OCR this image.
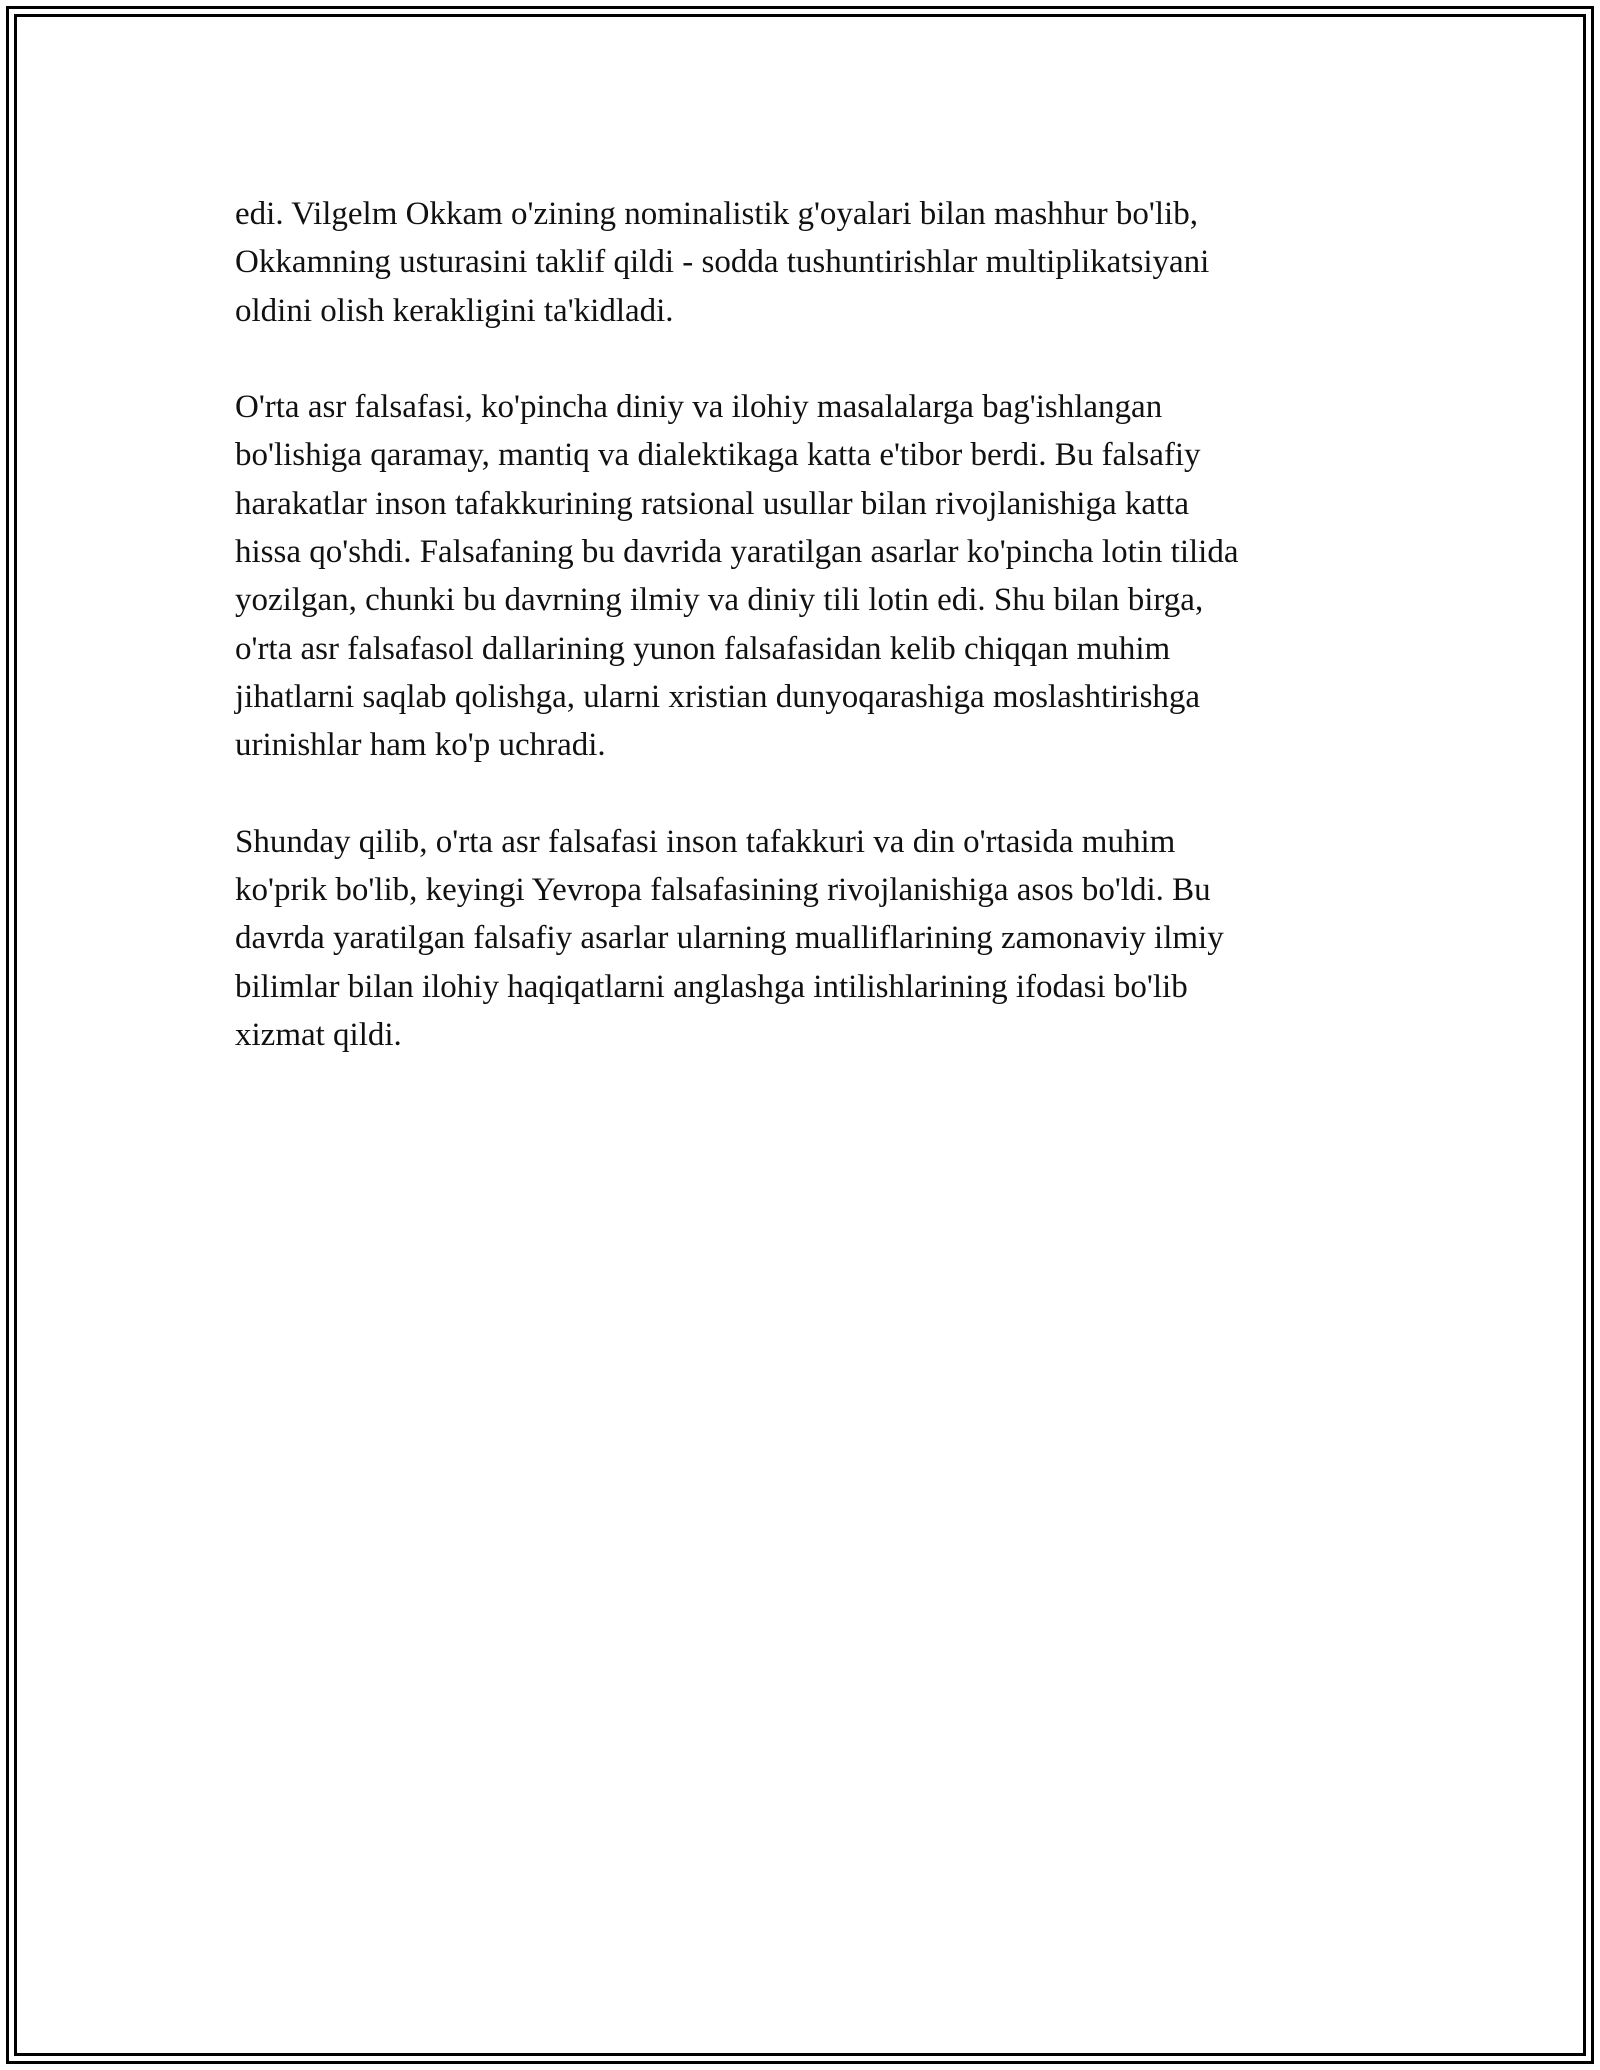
edi. Vilgelm Okkam o'zining nominalistik g'oyalari bilan mashhur bo'lib,
Okkamning usturasini taklif qildi - sodda tushuntirishlar multiplikatsiyani
oldini olish kerakligini ta'kidladi.

O'rta asr falsafasi, ko'pincha diniy va ilohiy masalalarga bag'ishlangan
bo'lishiga qaramay, mantiq va dialektikaga katta e'tibor berdi. Bu falsafiy
harakatlar inson tafakkurining ratsional usullar bilan rivojlanishiga katta
hissa qo'shdi. Falsafaning bu davrida yaratilgan asarlar ko'pincha lotin tilida
yozilgan, chunki bu davrning ilmiy va diniy tili lotin edi. Shu bilan birga,
o'rta asr falsafasol dallarining yunon falsafasidan kelib chiqqan muhim
jihatlarni saqlab qolishga, ularni xristian dunyoqarashiga moslashtirishga
urinishlar ham ko'p uchradi.

Shunday qilib, o'rta asr falsafasi inson tafakkuri va din o'rtasida muhim
ko'prik bo'lib, keyingi Yevropa falsafasining rivojlanishiga asos bo'ldi. Bu
davrda yaratilgan falsafiy asarlar ularning mualliflarining zamonaviy ilmiy
bilimlar bilan ilohiy haqiqatlarni anglashga intilishlarining ifodasi bo'lib
xizmat qildi.
